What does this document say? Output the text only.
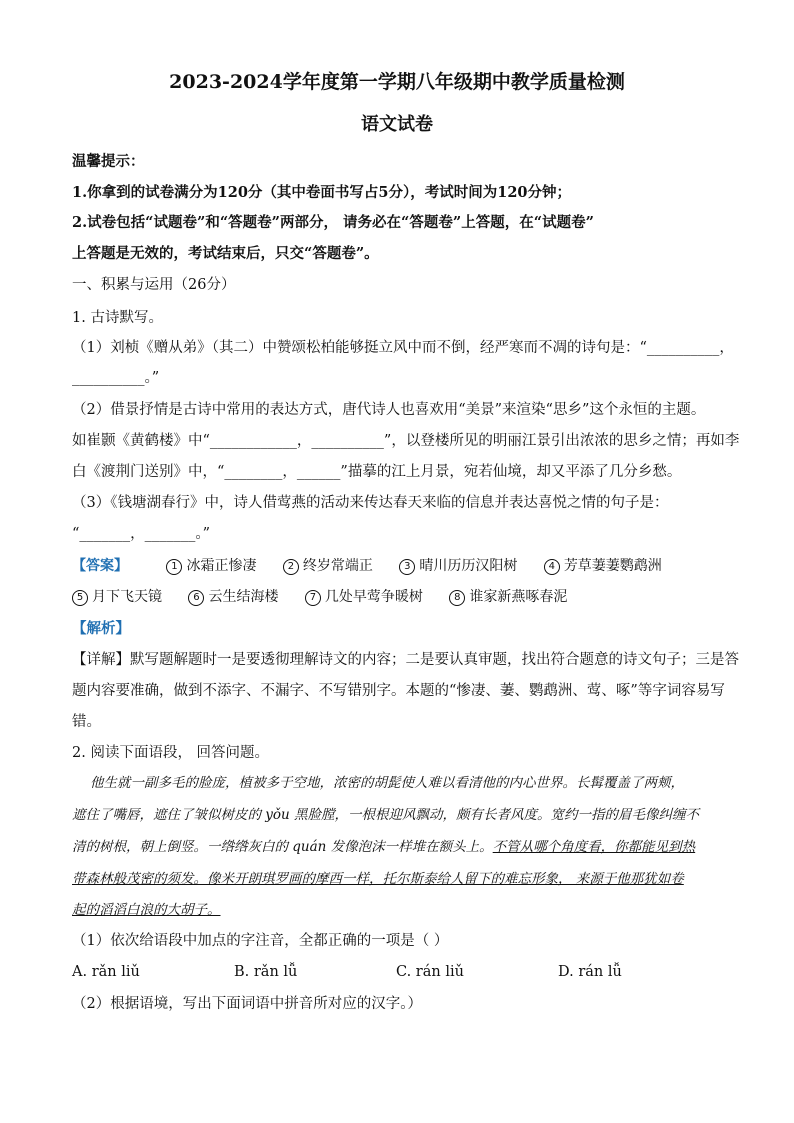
2023-2024学年度第一学期八年级期中教学质量检测
语文试卷
温馨提示：
1.你拿到的试卷满分为120分（其中卷面书写占5分），考试时间为120分钟；
2.试卷包括“试题卷”和“答题卷”两部分， 请务必在“答题卷”上答题，在“试题卷”
上答题是无效的，考试结束后，只交“答题卷”。
一、积累与运用（26分）
1. 古诗默写。
（1）刘桢《赠从弟》（其二）中赞颂松柏能够挺立风中而不倒，经严寒而不凋的诗句是：“__________，
__________。”
（2）借景抒情是古诗中常用的表达方式，唐代诗人也喜欢用“美景”来渲染“思乡”这个永恒的主题。
如崔颢《黄鹤楼》中“____________，__________”，以登楼所见的明丽江景引出浓浓的思乡之情；再如李
白《渡荆门送别》中，“________，______”描摹的江上月景，宛若仙境，却又平添了几分乡愁。
（3）《钱塘湖春行》中，诗人借莺燕的活动来传达春天来临的信息并表达喜悦之情的句子是：
“_______，_______。”
【答案】	1 冰霜正惨凄	2 终岁常端正	3 晴川历历汉阳树	4 芳草萋萋鹦鹉洲
5 月下飞天镜	6 云生结海楼	7 几处早莺争暖树	8 谁家新燕啄春泥
【解析】
【详解】默写题解题时一是要透彻理解诗文的内容；二是要认真审题，找出符合题意的诗文句子；三是答
题内容要准确，做到不添字、不漏字、不写错别字。本题的“惨凄、萋、鹦鹉洲、莺、啄”等字词容易写
错。
2. 阅读下面语段， 回答问题。
他生就一副多毛的脸庞，植被多于空地，浓密的胡髭使人难以看清他的内心世界。长髯覆盖了两颊，
遮住了嘴唇，遮住了皱似树皮的 yǒu 黑脸膛，一根根迎风飘动，颇有长者风度。宽约一指的眉毛像纠缠不
清的树根，朝上倒竖。一绺绺灰白的 quán 发像泡沫一样堆在额头上。不管从哪个角度看，你都能见到热
带森林般茂密的须发。像米开朗琪罗画的摩西一样，托尔斯泰给人留下的难忘形象， 来源于他那犹如卷
起的滔滔白浪的大胡子。
（1）依次给语段中加点的字注音，全都正确的一项是（ ）
A. rǎn liǔ	B. rǎn lǚ	C. rán liǔ	D. rán lǚ
（2）根据语境，写出下面词语中拼音所对应的汉字。）
